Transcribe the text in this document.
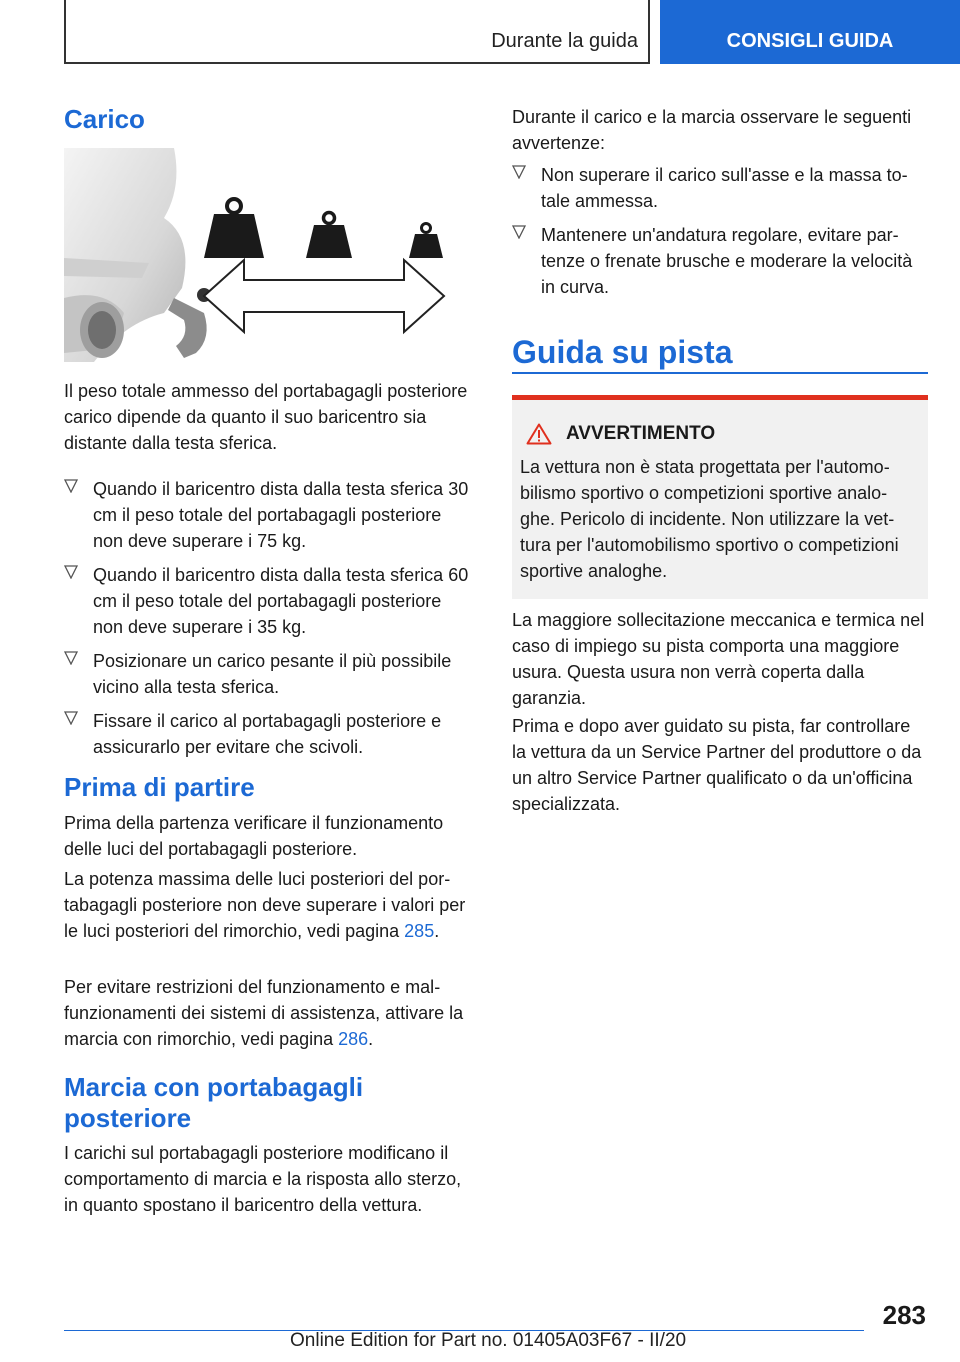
Durante la guida	CONSIGLI GUIDA
Carico

Il peso totale ammesso del portabagagli posteriore carico dipende da quanto il suo baricentro sia distante dalla testa sferica.

Quando il baricentro dista dalla testa sferica 30 cm il peso totale del portabagagli posteriore non deve superare i 75 kg.
Quando il baricentro dista dalla testa sferica 60 cm il peso totale del portabagagli posteriore non deve superare i 35 kg.
Posizionare un carico pesante il più possibile vicino alla testa sferica.
Fissare il carico al portabagagli posteriore e assicurarlo per evitare che scivoli.
Prima di partire

Prima della partenza verificare il funzionamento delle luci del portabagagli posteriore.

La potenza massima delle luci posteriori del portabagagli posteriore non deve superare i valori per le luci posteriori del rimorchio, vedi pagina 285.

Per evitare restrizioni del funzionamento e malfunzionamenti dei sistemi di assistenza, attivare la marcia con rimorchio, vedi pagina 286.

Marcia con portabagagli posteriore

I carichi sul portabagagli posteriore modificano il comportamento di marcia e la risposta allo sterzo, in quanto spostano il baricentro della vettura.

Durante il carico e la marcia osservare le seguenti avvertenze:

Non superare il carico sull'asse e la massa totale ammessa.
Mantenere un'andatura regolare, evitare partenze o frenate brusche e moderare la velocità in curva.
Guida su pista
AVVERTIMENTO

La vettura non è stata progettata per l'automobilismo sportivo o competizioni sportive analoghe. Pericolo di incidente. Non utilizzare la vettura per l'automobilismo sportivo o competizioni sportive analoghe.

La maggiore sollecitazione meccanica e termica nel caso di impiego su pista comporta una maggiore usura. Questa usura non verrà coperta dalla garanzia.

Prima e dopo aver guidato su pista, far controllare la vettura da un Service Partner del produttore o da un altro Service Partner qualificato o da un'officina specializzata.

283
Online Edition for Part no. 01405A03F67 - II/20
